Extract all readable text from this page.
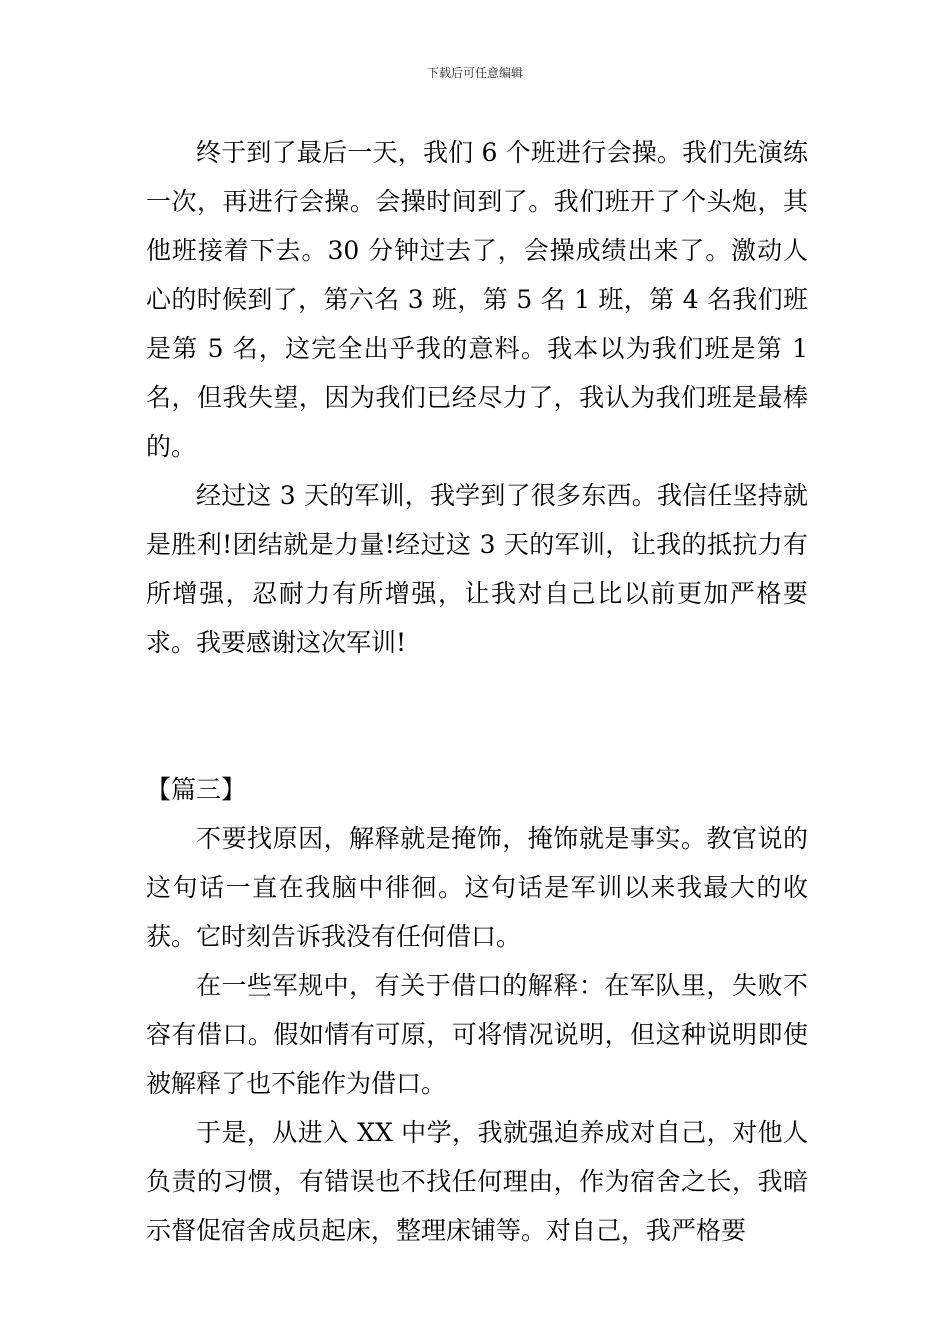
下载后可任意编辑

终于到了最后一天，我们 6 个班进行会操。我们先演练一次，再进行会操。会操时间到了。我们班开了个头炮，其他班接着下去。30 分钟过去了，会操成绩出来了。激动人心的时候到了，第六名 3 班，第 5 名 1 班，第 4 名我们班是第 5 名，这完全出乎我的意料。我本以为我们班是第 1 名，但我失望，因为我们已经尽力了，我认为我们班是最棒的。

经过这 3 天的军训，我学到了很多东西。我信任坚持就是胜利!团结就是力量!经过这 3 天的军训，让我的抵抗力有所增强，忍耐力有所增强，让我对自己比以前更加严格要求。我要感谢这次军训!

【篇三】

不要找原因，解释就是掩饰，掩饰就是事实。教官说的这句话一直在我脑中徘徊。这句话是军训以来我最大的收获。它时刻告诉我没有任何借口。

在一些军规中，有关于借口的解释：在军队里，失败不容有借口。假如情有可原，可将情况说明，但这种说明即使被解释了也不能作为借口。

于是，从进入 XX 中学，我就强迫养成对自己，对他人负责的习惯，有错误也不找任何理由，作为宿舍之长，我暗示督促宿舍成员起床，整理床铺等。对自己，我严格要
